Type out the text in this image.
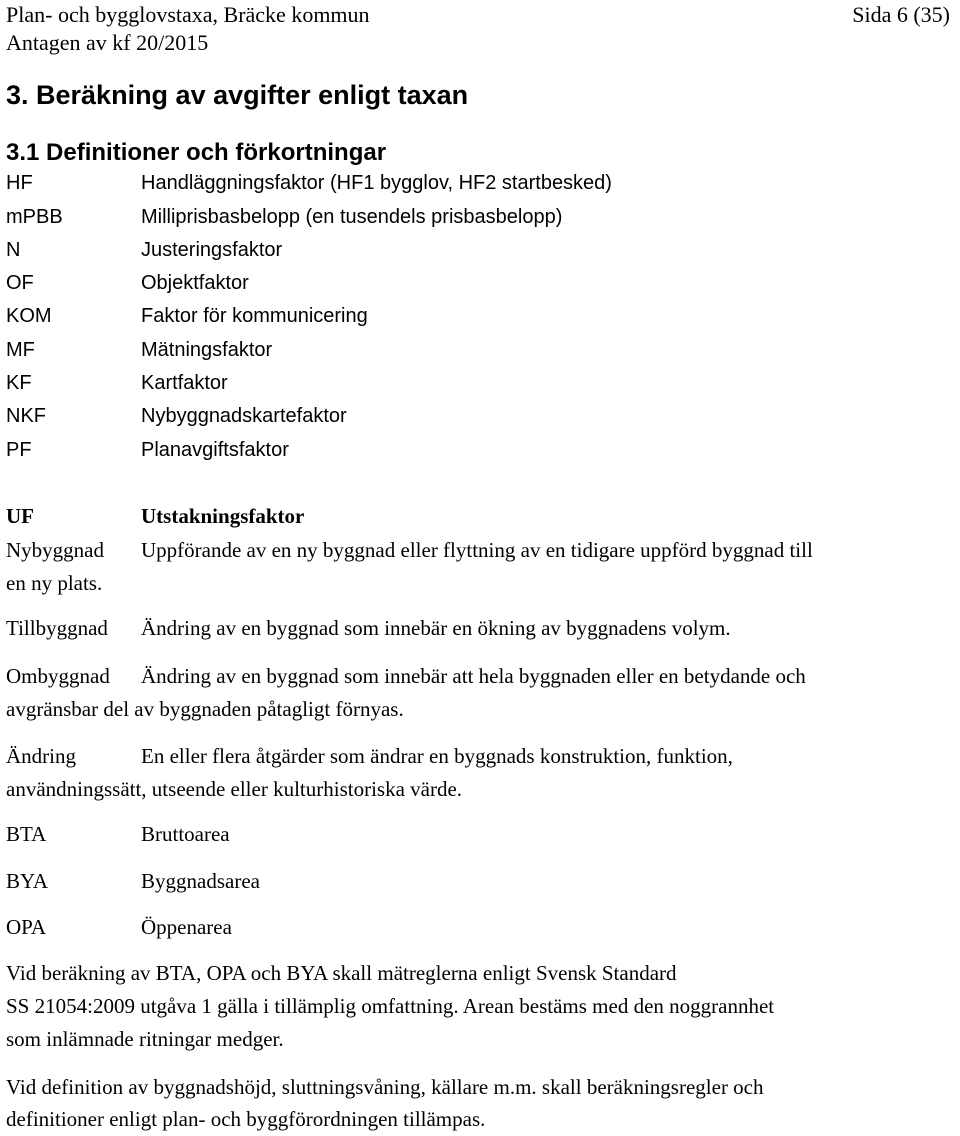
Plan- och bygglovstaxa, Bräcke kommun	Sida 6 (35)
Antagen av kf 20/2015
3. Beräkning av avgifter enligt taxan
3.1 Definitioner och förkortningar
HF	Handläggningsfaktor (HF1 bygglov, HF2 startbesked)
mPBB	Milliprisbasbelopp (en tusendels prisbasbelopp)
N	Justeringsfaktor
OF	Objektfaktor
KOM	Faktor för kommunicering
MF	Mätningsfaktor
KF	Kartfaktor
NKF	Nybyggnadskartefaktor
PF	Planavgiftsfaktor
UF	Utstakningsfaktor
Nybyggnad Uppförande av en ny byggnad eller flyttning av en tidigare uppförd byggnad till
en ny plats.
Tillbyggnad Ändring av en byggnad som innebär en ökning av byggnadens volym.
Ombyggnad Ändring av en byggnad som innebär att hela byggnaden eller en betydande och
avgränsbar del av byggnaden påtagligt förnyas.
Ändring	En eller flera åtgärder som ändrar en byggnads konstruktion, funktion,
användningssätt, utseende eller kulturhistoriska värde.
BTA	Bruttoarea
BYA	Byggnadsarea
OPA	Öppenarea
Vid beräkning av BTA, OPA och BYA skall mätreglerna enligt Svensk Standard
SS 21054:2009 utgåva 1 gälla i tillämplig omfattning. Arean bestäms med den noggrannhet
som inlämnade ritningar medger.
Vid definition av byggnadshöjd, sluttningsvåning, källare m.m. skall beräkningsregler och
definitioner enligt plan- och byggförordningen tillämpas.
